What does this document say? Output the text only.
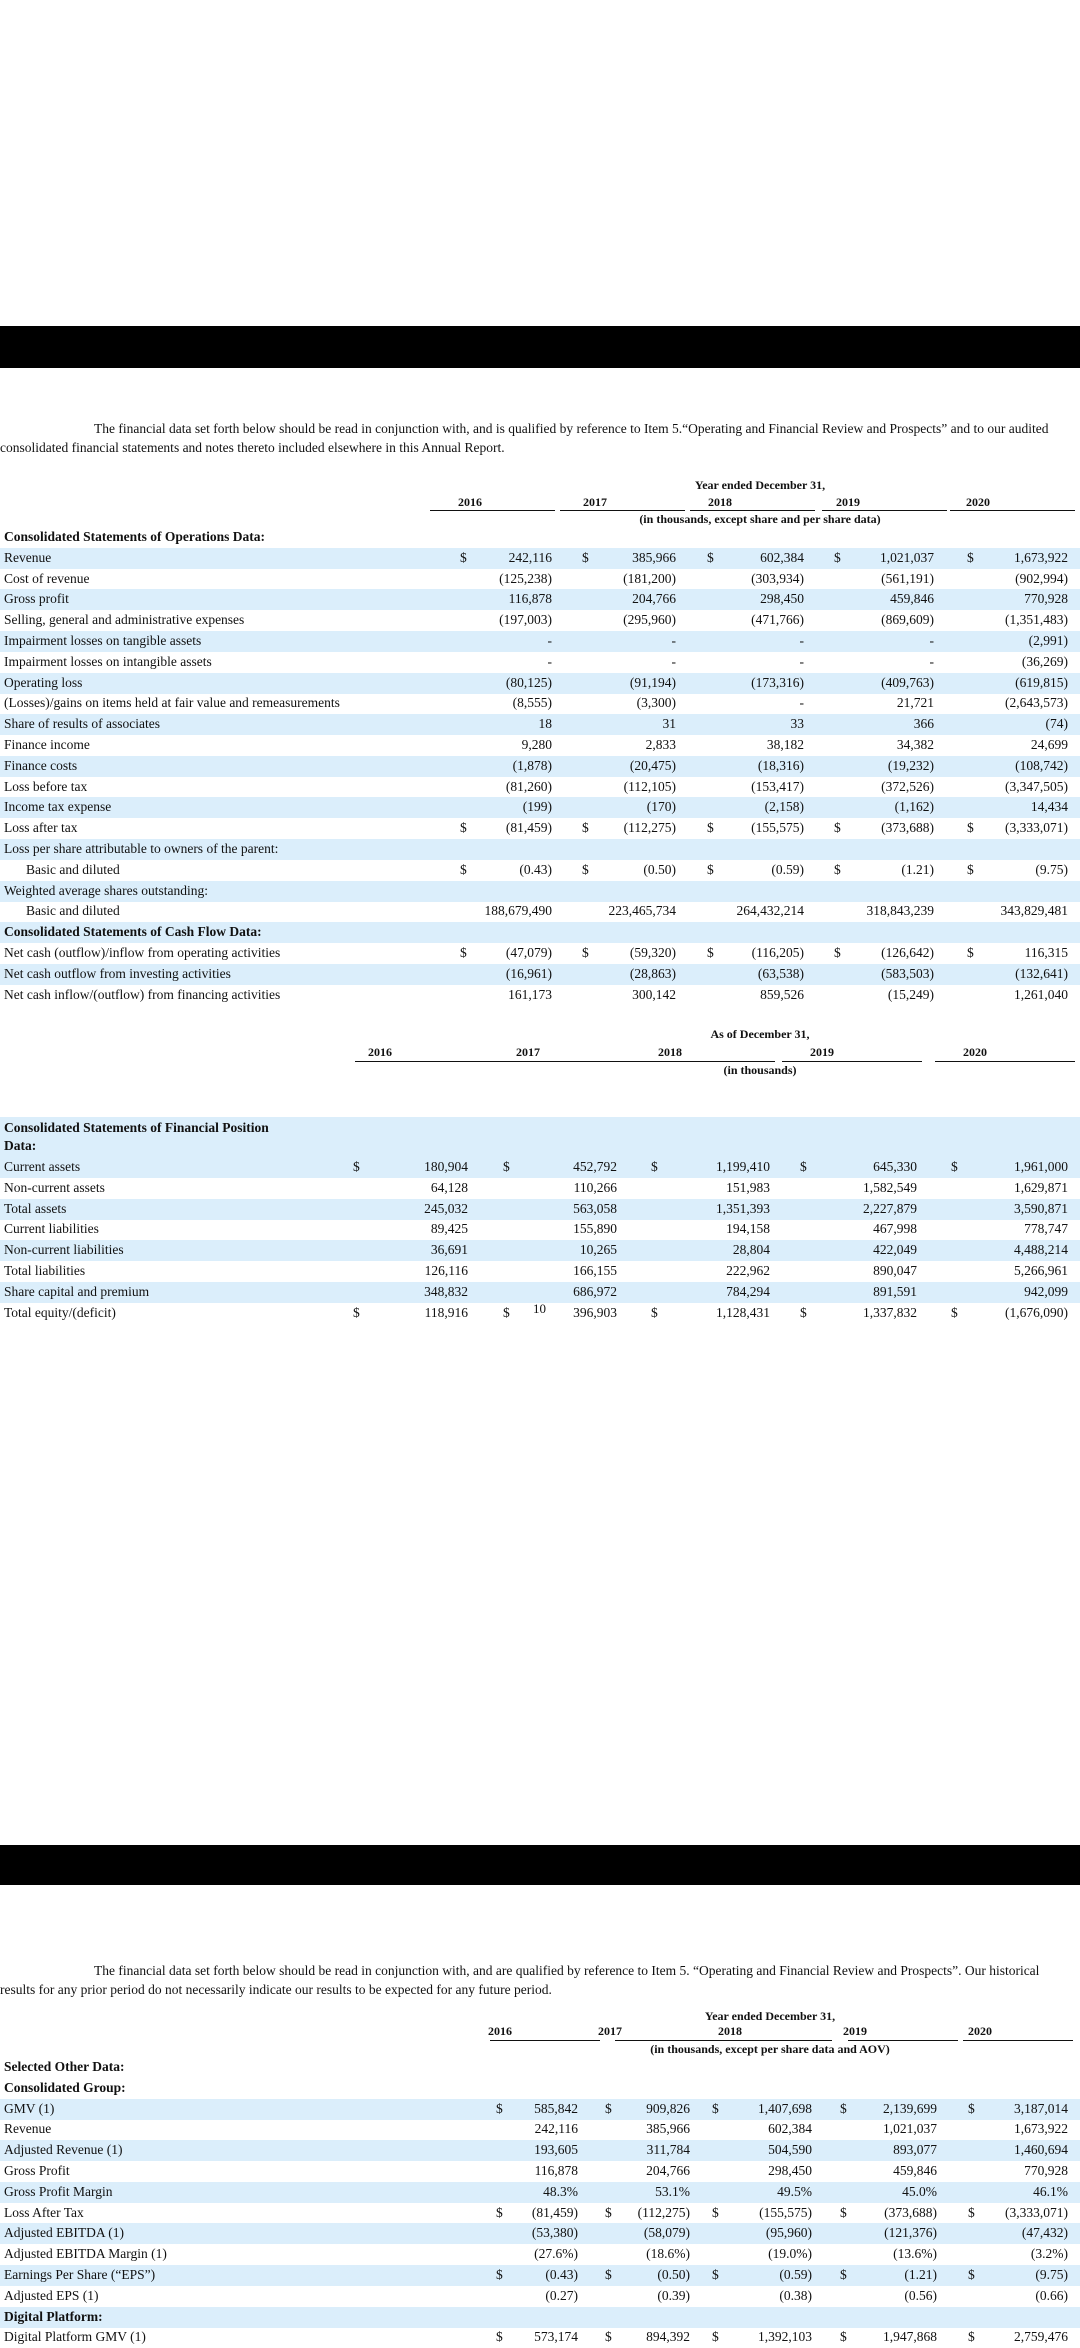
The financial data set forth below should be read in conjunction with, and is qualified by reference to Item 5.“Operating and Financial Review and Prospects” and to our audited consolidated financial statements and notes thereto included elsewhere in this Annual Report.

Year ended December 31,
(in thousands, except share and per share data)
2016	2017	2018	2019	2020
Consolidated Statements of Operations Data:
Revenue	$	242,116 $	385,966 $	602,384 $	1,021,037 $	1,673,922
Cost of revenue	(125,238)	(181,200)	(303,934)	(561,191)	(902,994)
Gross profit	116,878	204,766	298,450	459,846	770,928
Selling, general and administrative expenses	(197,003)	(295,960)	(471,766)	(869,609)	(1,351,483)
Impairment losses on tangible assets	-	-	-	-	(2,991)
Impairment losses on intangible assets	-	-	-	-	(36,269)
Operating loss	(80,125)	(91,194)	(173,316)	(409,763)	(619,815)
(Losses)/gains on items held at fair value and remeasurements	(8,555)	(3,300)	-	21,721	(2,643,573)
Share of results of associates	18	31	33	366	(74)
Finance income	9,280	2,833	38,182	34,382	24,699
Finance costs	(1,878)	(20,475)	(18,316)	(19,232)	(108,742)
Loss before tax	(81,260)	(112,105)	(153,417)	(372,526)	(3,347,505)
Income tax expense	(199)	(170)	(2,158)	(1,162)	14,434
Loss after tax	$	(81,459) $	(112,275) $	(155,575) $	(373,688) $	(3,333,071)
Loss per share attributable to owners of the parent:
Basic and diluted	$	(0.43) $	(0.50) $	(0.59) $	(1.21) $	(9.75)
Weighted average shares outstanding:
Basic and diluted	188,679,490	223,465,734	264,432,214	318,843,239	343,829,481
Consolidated Statements of Cash Flow Data:
Net cash (outflow)/inflow from operating activities	$	(47,079) $	(59,320) $	(116,205) $	(126,642) $	116,315
Net cash outflow from investing activities	(16,961)	(28,863)	(63,538)	(583,503)	(132,641)
Net cash inflow/(outflow) from financing activities	161,173	300,142	859,526	(15,249)	1,261,040
As of December 31,
(in thousands)
2016	2017	2018	2019	2020
Consolidated Statements of Financial Position
Data:
Current assets	$	180,904	$	452,792	$	1,199,410 $	645,330	$	1,961,000
Non-current assets	64,128	110,266	151,983	1,582,549	1,629,871
Total assets	245,032	563,058	1,351,393	2,227,879	3,590,871
Current liabilities	89,425	155,890	194,158	467,998	778,747
Non-current liabilities	36,691	10,265	28,804	422,049	4,488,214
Total liabilities	126,116	166,155	222,962	890,047	5,266,961
Share capital and premium	348,832	686,972	784,294	891,591	942,099
Total equity/(deficit)	$	118,916	$	396,903	$	1,128,431 $	1,337,832	$	(1,676,090)
10

The financial data set forth below should be read in conjunction with, and are qualified by reference to Item 5. “Operating and Financial Review and Prospects”. Our historical results for any prior period do not necessarily indicate our results to be expected for any future period.

Year ended December 31,
(in thousands, except per share data and AOV)
2016	2017	2018	2019	2020
Selected Other Data:
Consolidated Group:
GMV (1)	$	585,842 $	909,826 $	1,407,698 $	2,139,699 $	3,187,014
Revenue	242,116	385,966	602,384	1,021,037	1,673,922
Adjusted Revenue (1)	193,605	311,784	504,590	893,077	1,460,694
Gross Profit	116,878	204,766	298,450	459,846	770,928
Gross Profit Margin	48.3%	53.1%	49.5%	45.0%	46.1%
Loss After Tax	$	(81,459) $	(112,275) $	(155,575) $	(373,688) $	(3,333,071)
Adjusted EBITDA (1)	(53,380)	(58,079)	(95,960)	(121,376)	(47,432)
Adjusted EBITDA Margin (1)	(27.6%)	(18.6%)	(19.0%)	(13.6%)	(3.2%)
Earnings Per Share (“EPS”)	$	(0.43) $	(0.50) $	(0.59) $	(1.21) $	(9.75)
Adjusted EPS (1)	(0.27)	(0.39)	(0.38)	(0.56)	(0.66)
Digital Platform:
Digital Platform GMV (1)	$	573,174 $	894,392 $	1,392,103 $	1,947,868 $	2,759,476
